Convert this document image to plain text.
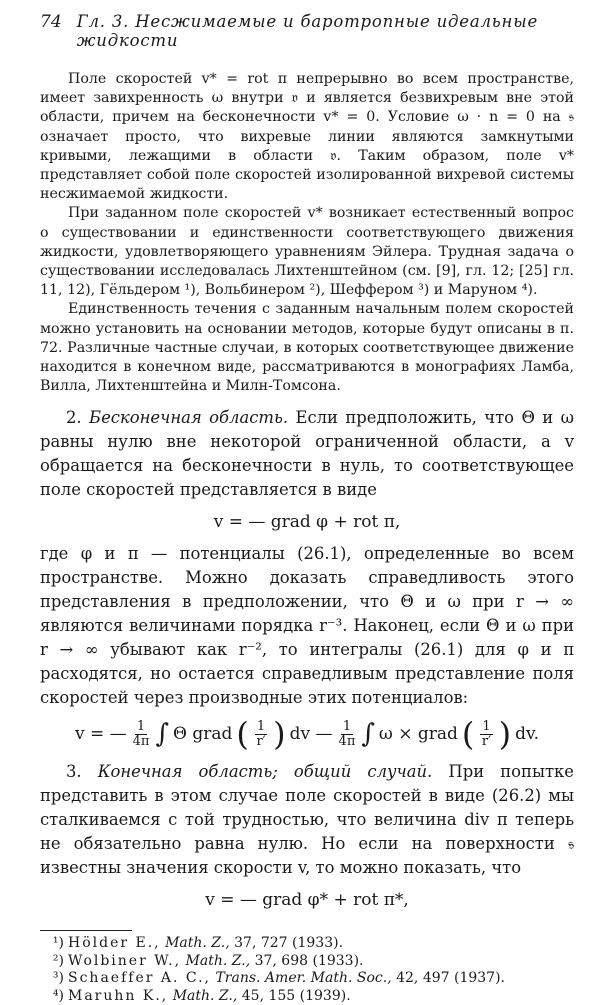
74 Гл. 3. Несжимаемые и баротропные идеальные жидкости

Поле скоростей v* = rot π непрерывно во всем пространстве, имеет завихренность ω внутри 𝔳 и является безвихревым вне этой области, причем на бесконечности v* = 0. Условие ω · n = 0 на 𝔰 означает просто, что вихревые линии являются замкнутыми кривыми, лежащими в области 𝔳. Таким образом, поле v* представляет собой поле скоростей изолированной вихревой системы несжимаемой жидкости.

При заданном поле скоростей v* возникает естественный вопрос о существовании и единственности соответствующего движения жидкости, удовлетворяющего уравнениям Эйлера. Трудная задача о существовании исследовалась Лихтенштейном (см. [9], гл. 12; [25] гл. 11, 12), Гёльдером ¹), Вольбинером ²), Шеффером ³) и Маруном ⁴).

Единственность течения с заданным начальным полем скоростей можно установить на основании методов, которые будут описаны в п. 72. Различные частные случаи, в которых соответствующее движение находится в конечном виде, рассматриваются в монографиях Ламба, Вилла, Лихтенштейна и Милн-Томсона.

2. Бесконечная область. Если предположить, что Θ и ω равны нулю вне некоторой ограниченной области, а v обращается на бесконечности в нуль, то соответствующее поле скоростей представляется в виде

v = — grad φ + rot π,

где φ и π — потенциалы (26.1), определенные во всем пространстве. Можно доказать справедливость этого представления в предположении, что Θ и ω при r → ∞ являются величинами порядка r⁻³. Наконец, если Θ и ω при r → ∞ убывают как r⁻², то интегралы (26.1) для φ и π расходятся, но остается справедливым представление поля скоростей через производные этих потенциалов:

v = — $\frac{1}{4\pi}$ ∫ Θ grad ( $\frac{1}{r'}$ ) dv — $\frac{1}{4\pi}$ ∫ ω × grad ( $\frac{1}{r'}$ ) dv.

3. Конечная область; общий случай. При попытке представить в этом случае поле скоростей в виде (26.2) мы сталкиваемся с той трудностью, что величина div π теперь не обязательно равна нулю. Но если на поверхности 𝔰 известны значения скорости v, то можно показать, что

v = — grad φ* + rot π*,
¹) Hölder E., Math. Z., 37, 727 (1933).
²) Wolbiner W., Math. Z., 37, 698 (1933).
³) Schaeffer A. C., Trans. Amer. Math. Soc., 42, 497 (1937).
⁴) Maruhn K., Math. Z., 45, 155 (1939).
